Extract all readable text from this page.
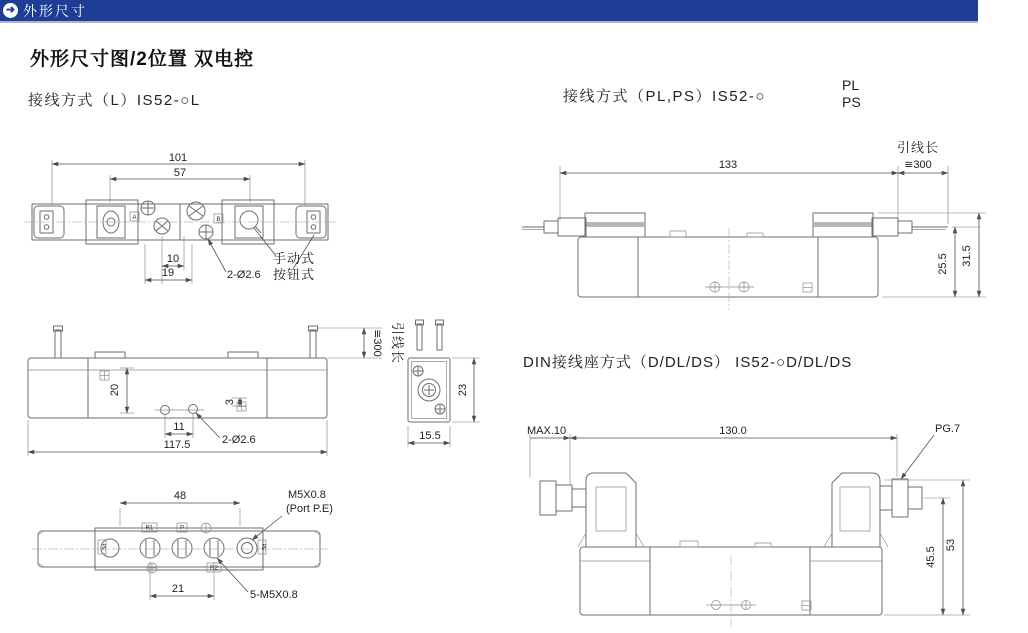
➜ 外形尺寸
外形尺寸图/2位置 双电控
接线方式（L）IS52-○L	接线方式（PL,PS）IS52-○
PL
PS
DIN接线座方式（D/DL/DS） IS52-○D/DL/DS
101
57
A	B
10
19	2-Ø2.6
手动式
按钮式
20
3
11
117.5	2-Ø2.6
≅300 引线长
23
15.5
48	M5X0.8
(Port P.E)
R1	P
R2
PE	PE
21	5-M5X0.8
133
引线长
≅300
25.5 31.5
MAX.10	130.0	PG.7
45.5
53
